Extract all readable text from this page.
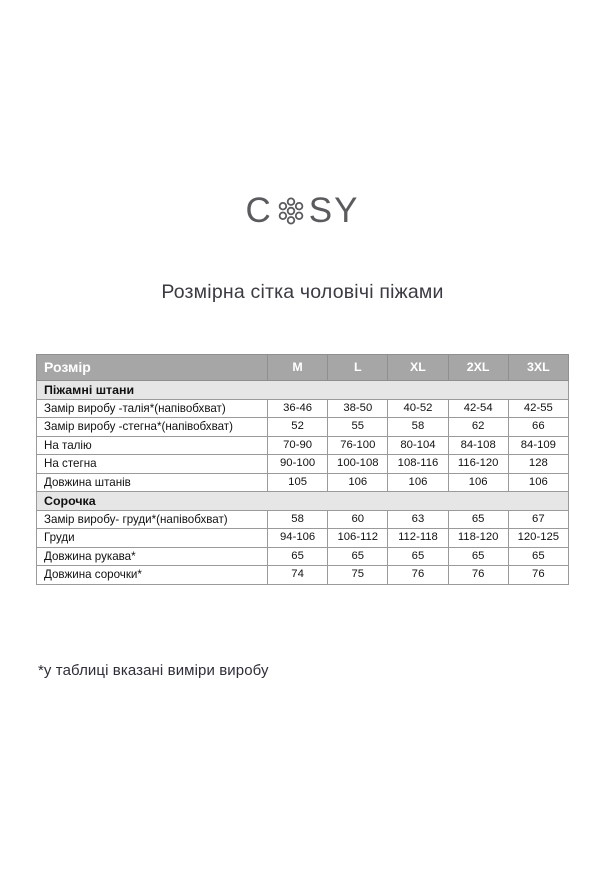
C SY
Розмірна сітка чоловічі піжами
Розмір	M	L	XL	2XL	3XL
Піжамні штани					
Замір виробу -талія*(напівобхват)	36-46	38-50	40-52	42-54	42-55
Замір виробу -стегна*(напівобхват)	52	55	58	62	66
На талію	70-90	76-100	80-104	84-108	84-109
На стегна	90-100	100-108	108-116	116-120	128
Довжина штанів	105	106	106	106	106
Сорочка					
Замір виробу- груди*(напівобхват)	58	60	63	65	67
Груди	94-106	106-112	112-118	118-120	120-125
Довжина рукава*	65	65	65	65	65
Довжина сорочки*	74	75	76	76	76
*у таблиці вказані виміри виробу
